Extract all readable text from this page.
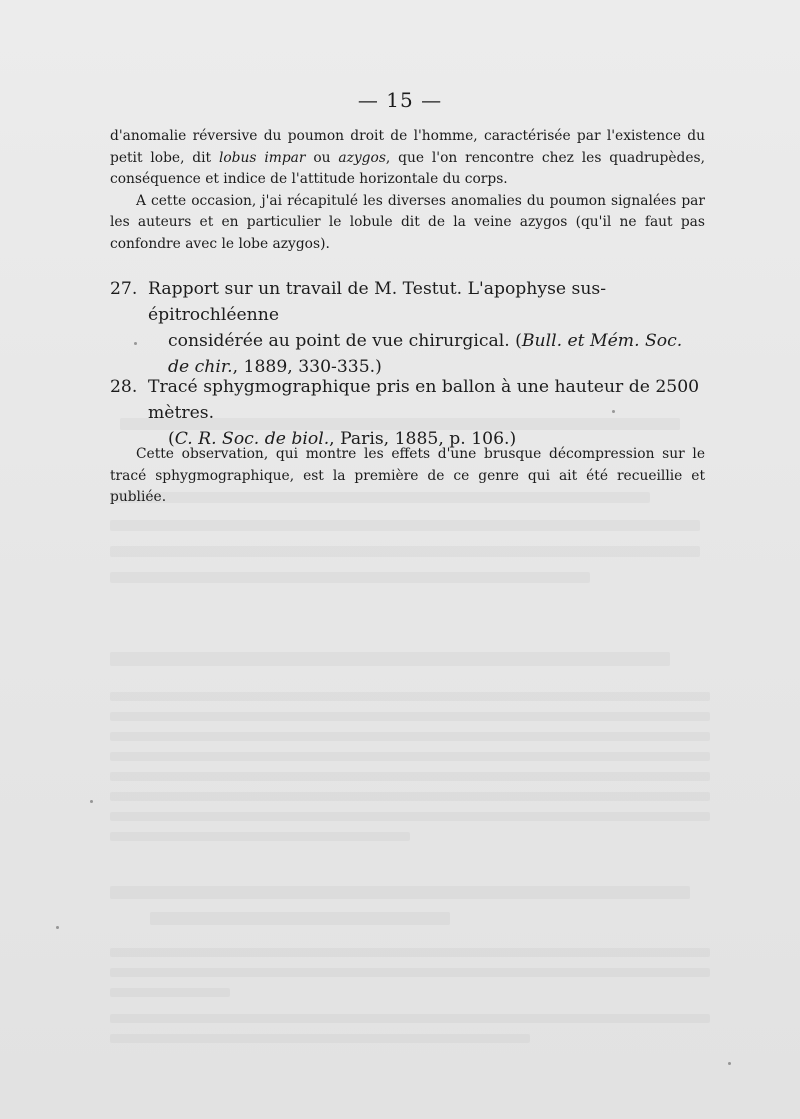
— 15 —

d'anomalie réversive du poumon droit de l'homme, caractérisée par l'existence du petit lobe, dit lobus impar ou azygos, que l'on rencontre chez les quadrupèdes, conséquence et indice de l'attitude horizontale du corps.

A cette occasion, j'ai récapitulé les diverses anomalies du poumon signalées par les auteurs et en particulier le lobule dit de la veine azygos (qu'il ne faut pas confondre avec le lobe azygos).

27. Rapport sur un travail de M. Testut. L'apophyse sus-épitrochléenne
considérée au point de vue chirurgical. (Bull. et Mém. Soc. de chir., 1889, 330-335.)

28. Tracé sphygmographique pris en ballon à une hauteur de 2500 mètres.
(C. R. Soc. de biol., Paris, 1885, p. 106.)

Cette observation, qui montre les effets d'une brusque décompression sur le tracé sphygmographique, est la première de ce genre qui ait été recueillie et publiée.
